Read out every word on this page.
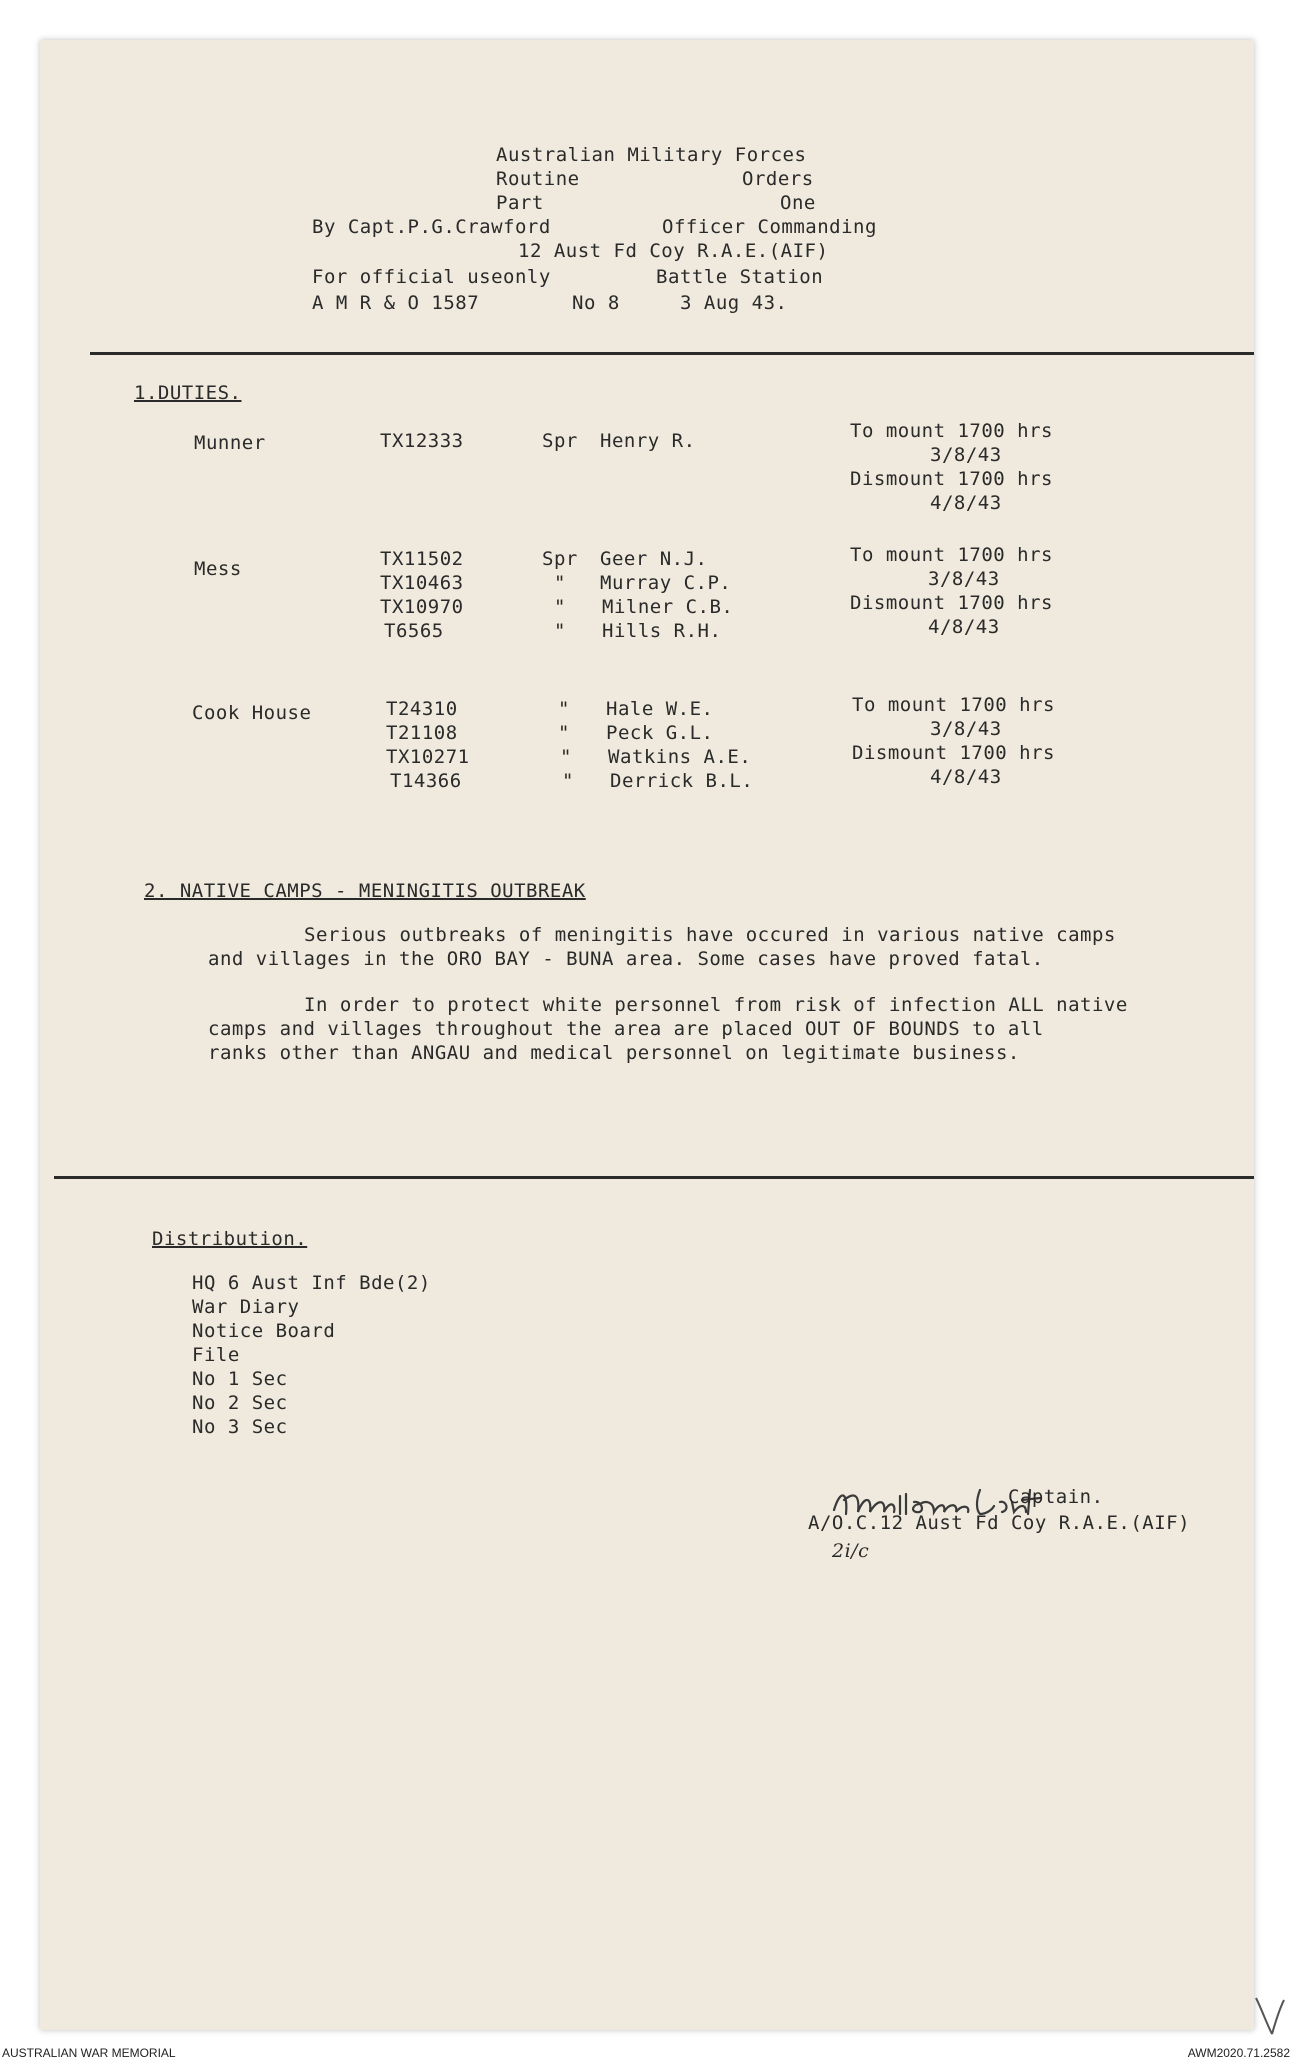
Australian Military Forces
Routine	Orders
Part	One
By Capt.P.G.Crawford	Officer Commanding
12 Aust Fd Coy R.A.E.(AIF)
For official useonly	Battle Station
A M R & O 1587	No 8	3 Aug 43.
1.DUTIES.
Munner	TX12333	Spr Henry R.	To mount 1700 hrs
3/8/43
Dismount 1700 hrs
4/8/43
Mess	TX11502	Spr Geer N.J.
TX10463	" Murray C.P.
TX10970	" Milner C.B.
T6565	" Hills R.H.
To mount 1700 hrs
3/8/43
Dismount 1700 hrs
4/8/43
Cook House	T24310	" Hale W.E.
T21108	" Peck G.L.
TX10271	" Watkins A.E.
T14366	" Derrick B.L.
To mount 1700 hrs
3/8/43
Dismount 1700 hrs
4/8/43
2. NATIVE CAMPS - MENINGITIS OUTBREAK
Serious outbreaks of meningitis have occured in various native camps
and villages in the ORO BAY - BUNA area. Some cases have proved fatal.
In order to protect white personnel from risk of infection ALL native
camps and villages throughout the area are placed OUT OF BOUNDS to all
ranks other than ANGAU and medical personnel on legitimate business.
Distribution.
HQ 6 Aust Inf Bde(2)
War Diary
Notice Board
File
No 1 Sec
No 2 Sec
No 3 Sec
Captain.
A/O.C.12 Aust Fd Coy R.A.E.(AIF)
2i/c
AUSTRALIAN WAR MEMORIAL	AWM2020.71.2582
